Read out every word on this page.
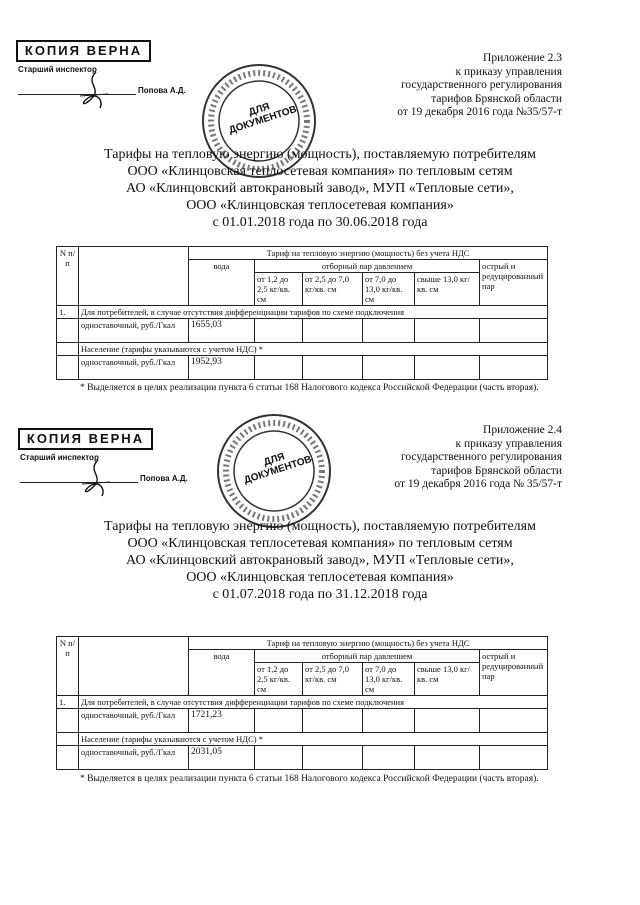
КОПИЯ ВЕРНА
Старший инспектор
Попова А.Д.
ДЛЯ ДОКУМЕНТОВ
Приложение 2.3
к приказу управления
государственного регулирования
тарифов Брянской области
от 19 декабря 2016 года №35/57-т
Тарифы на тепловую энергию (мощность), поставляемую потребителям
ООО «Клинцовская теплосетевая компания» по тепловым сетям
АО «Клинцовский автокрановый завод», МУП «Тепловые сети»,
ООО «Клинцовская теплосетевая компания»
с 01.01.2018 года по 30.06.2018 года
N п/п		Тариф на тепловую энергию (мощность) без учета НДС					
		вода	отборный пар давлением				острый и редуцированный пар
			от 1,2 до 2,5 кг/кв. см	от 2,5 до 7,0 кг/кв. см	от 7,0 до 13,0 кг/кв. см	свыше 13,0 кг/кв. см	
1.	Для потребителей, в случае отсутствия дифференциации тарифов по схеме подключения						
	одноставочный, руб./Гкал	1655,03					
	Население (тарифы указываются с учетом НДС) *						
	одноставочный, руб./Гкал	1952,93					
* Выделяется в целях реализации пункта 6 статьи 168 Налогового кодекса Российской Федерации (часть вторая).
КОПИЯ ВЕРНА
Старший инспектор
Попова А.Д.
ДЛЯ ДОКУМЕНТОВ
Приложение 2.4
к приказу управления
государственного регулирования
тарифов Брянской области
от 19 декабря 2016 года № 35/57-т
Тарифы на тепловую энергию (мощность), поставляемую потребителям
ООО «Клинцовская теплосетевая компания» по тепловым сетям
АО «Клинцовский автокрановый завод», МУП «Тепловые сети»,
ООО «Клинцовская теплосетевая компания»
с 01.07.2018 года по 31.12.2018 года
N п/п		Тариф на тепловую энергию (мощность) без учета НДС					
		вода	отборный пар давлением				острый и редуцированный пар
			от 1,2 до 2,5 кг/кв. см	от 2,5 до 7,0 кг/кв. см	от 7,0 до 13,0 кг/кв. см	свыше 13,0 кг/кв. см	
1.	Для потребителей, в случае отсутствия дифференциации тарифов по схеме подключения						
	одноставочный, руб./Гкал	1721,23					
	Население (тарифы указываются с учетом НДС) *						
	одноставочный, руб./Гкал	2031,05					
* Выделяется в целях реализации пункта 6 статьи 168 Налогового кодекса Российской Федерации (часть вторая).
